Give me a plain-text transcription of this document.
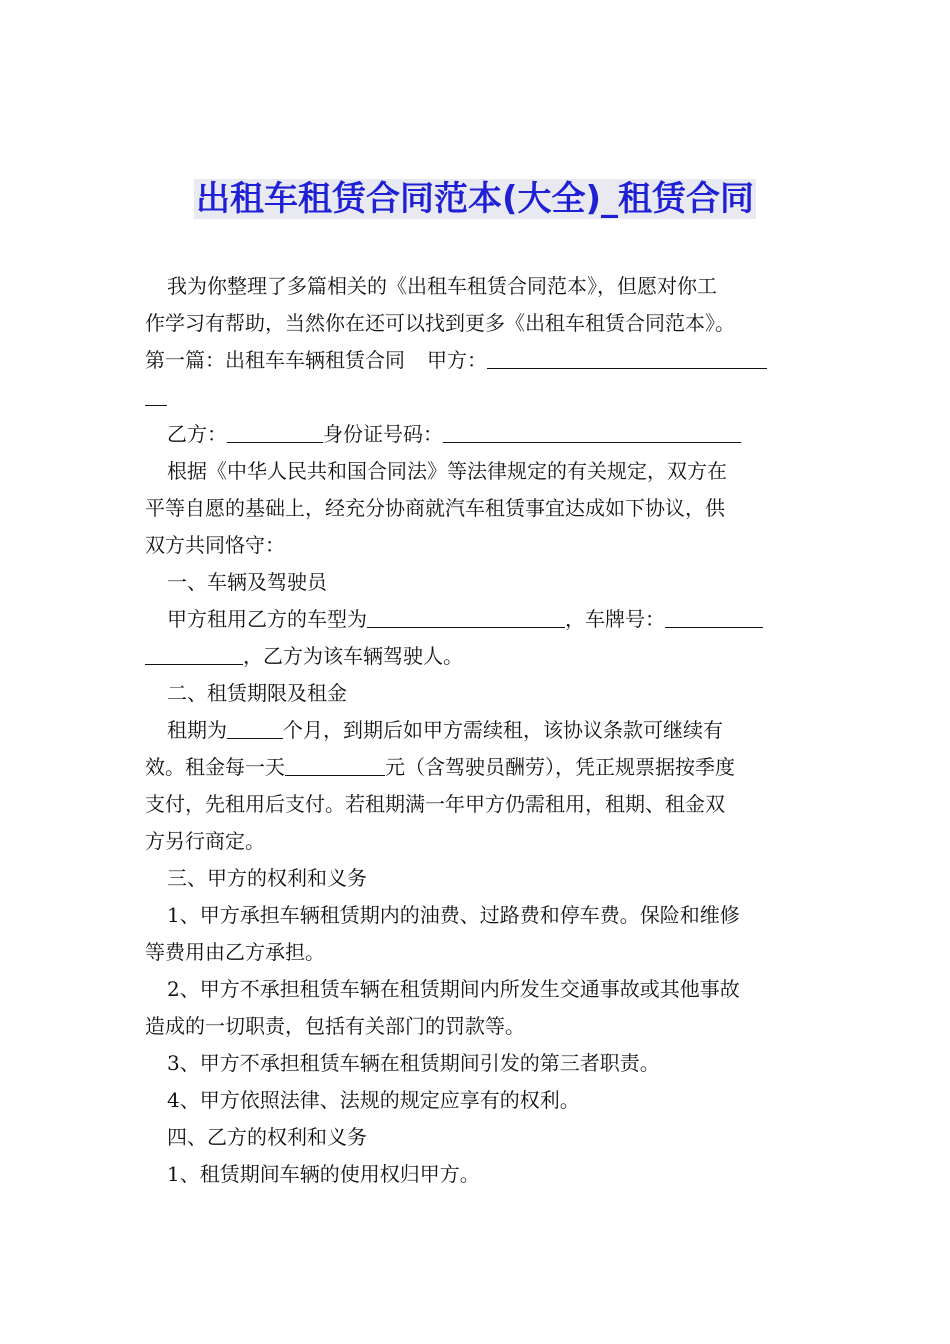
出租车租赁合同范本(大全)_租赁合同
我为你整理了多篇相关的《出租车租赁合同范本》，但愿对你工
作学习有帮助，当然你在还可以找到更多《出租车租赁合同范本》。
第一篇：出租车车辆租赁合同 甲方：
乙方：	身份证号码：
根据《中华人民共和国合同法》等法律规定的有关规定，双方在
平等自愿的基础上，经充分协商就汽车租赁事宜达成如下协议，供
双方共同恪守：
一、车辆及驾驶员
甲方租用乙方的车型为	，车牌号：
，乙方为该车辆驾驶人。
二、租赁期限及租金
租期为	个月，到期后如甲方需续租，该协议条款可继续有
效。租金每一天	元（含驾驶员酬劳），凭正规票据按季度
支付，先租用后支付。若租期满一年甲方仍需租用，租期、租金双
方另行商定。
三、甲方的权利和义务
1、甲方承担车辆租赁期内的油费、过路费和停车费。保险和维修
等费用由乙方承担。
2、甲方不承担租赁车辆在租赁期间内所发生交通事故或其他事故
造成的一切职责，包括有关部门的罚款等。
3、甲方不承担租赁车辆在租赁期间引发的第三者职责。
4、甲方依照法律、法规的规定应享有的权利。
四、乙方的权利和义务
1、租赁期间车辆的使用权归甲方。
